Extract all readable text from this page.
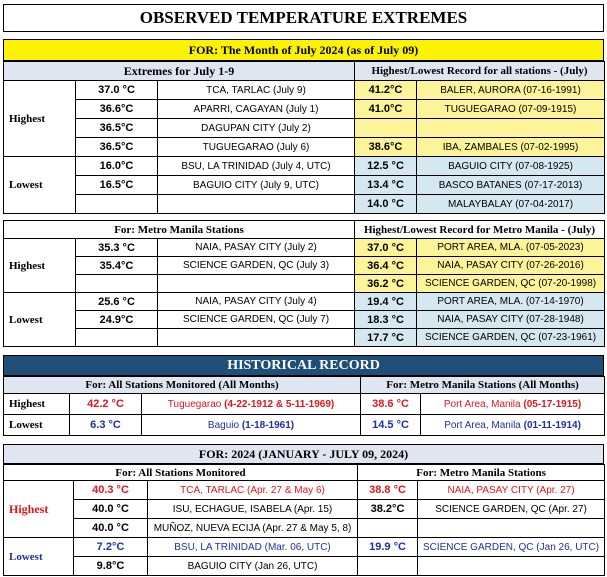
OBSERVED TEMPERATURE EXTREMES
FOR: The Month of July 2024 (as of July 09)
Extremes for July 1-9			Highest/Lowest Record for all stations - (July)	
Highest	37.0 °C	TCA, TARLAC (July 9)	41.2°C	BALER, AURORA (07-16-1991)
	36.6°C	APARRI, CAGAYAN (July 1)	41.0°C	TUGUEGARAO (07-09-1915)
	36.5°C	DAGUPAN CITY (July 2)		
	36.5°C	TUGUEGARAO (July 6)	38.6°C	IBA, ZAMBALES (07-02-1995)
Lowest	16.0°C	BSU, LA TRINIDAD (July 4, UTC)	12.5 °C	BAGUIO CITY (07-08-1925)
	16.5°C	BAGUIO CITY (July 9, UTC)	13.4 °C	BASCO BATANES (07-17-2013)
			14.0 °C	MALAYBALAY (07-04-2017)
For: Metro Manila Stations			Highest/Lowest Record for Metro Manila - (July)	
Highest	35.3 °C	NAIA, PASAY CITY (July 2)	37.0 °C	PORT AREA, MLA. (07-05-2023)
	35.4°C	SCIENCE GARDEN, QC (July 3)	36.4 °C	NAIA, PASAY CITY (07-26-2016)
			36.2 °C	SCIENCE GARDEN, QC (07-20-1998)
Lowest	25.6 °C	NAIA, PASAY CITY (July 4)	19.4 °C	PORT AREA, MLA. (07-14-1970)
	24.9°C	SCIENCE GARDEN, QC (July 7)	18.3 °C	NAIA, PASAY CITY (07-28-1948)
			17.7 °C	SCIENCE GARDEN, QC (07-23-1961)
HISTORICAL RECORD
For: All Stations Monitored (All Months)			For: Metro Manila Stations (All Months)	
Highest	42.2 °C	Tuguegarao (4-22-1912 & 5-11-1969)	38.6 °C	Port Area, Manila (05-17-1915)
Lowest	6.3 °C	Baguio (1-18-1961)	14.5 °C	Port Area, Manila (01-11-1914)
FOR: 2024 (JANUARY - JULY 09, 2024)
For: All Stations Monitored			For: Metro Manila Stations	
Highest	40.3 °C	TCA, TARLAC (Apr. 27 & May 6)	38.8 °C	NAIA, PASAY CITY (Apr. 27)
	40.0 °C	ISU, ECHAGUE, ISABELA (Apr. 15)	38.2°C	SCIENCE GARDEN, QC (Apr. 27)
	40.0 °C	MUÑOZ, NUEVA ECIJA (Apr. 27 & May 5, 8)		
Lowest	7.2°C	BSU, LA TRINIDAD (Mar. 06, UTC)	19.9 °C	SCIENCE GARDEN, QC (Jan 26, UTC)
	9.8°C	BAGUIO CITY (Jan 26, UTC)		
